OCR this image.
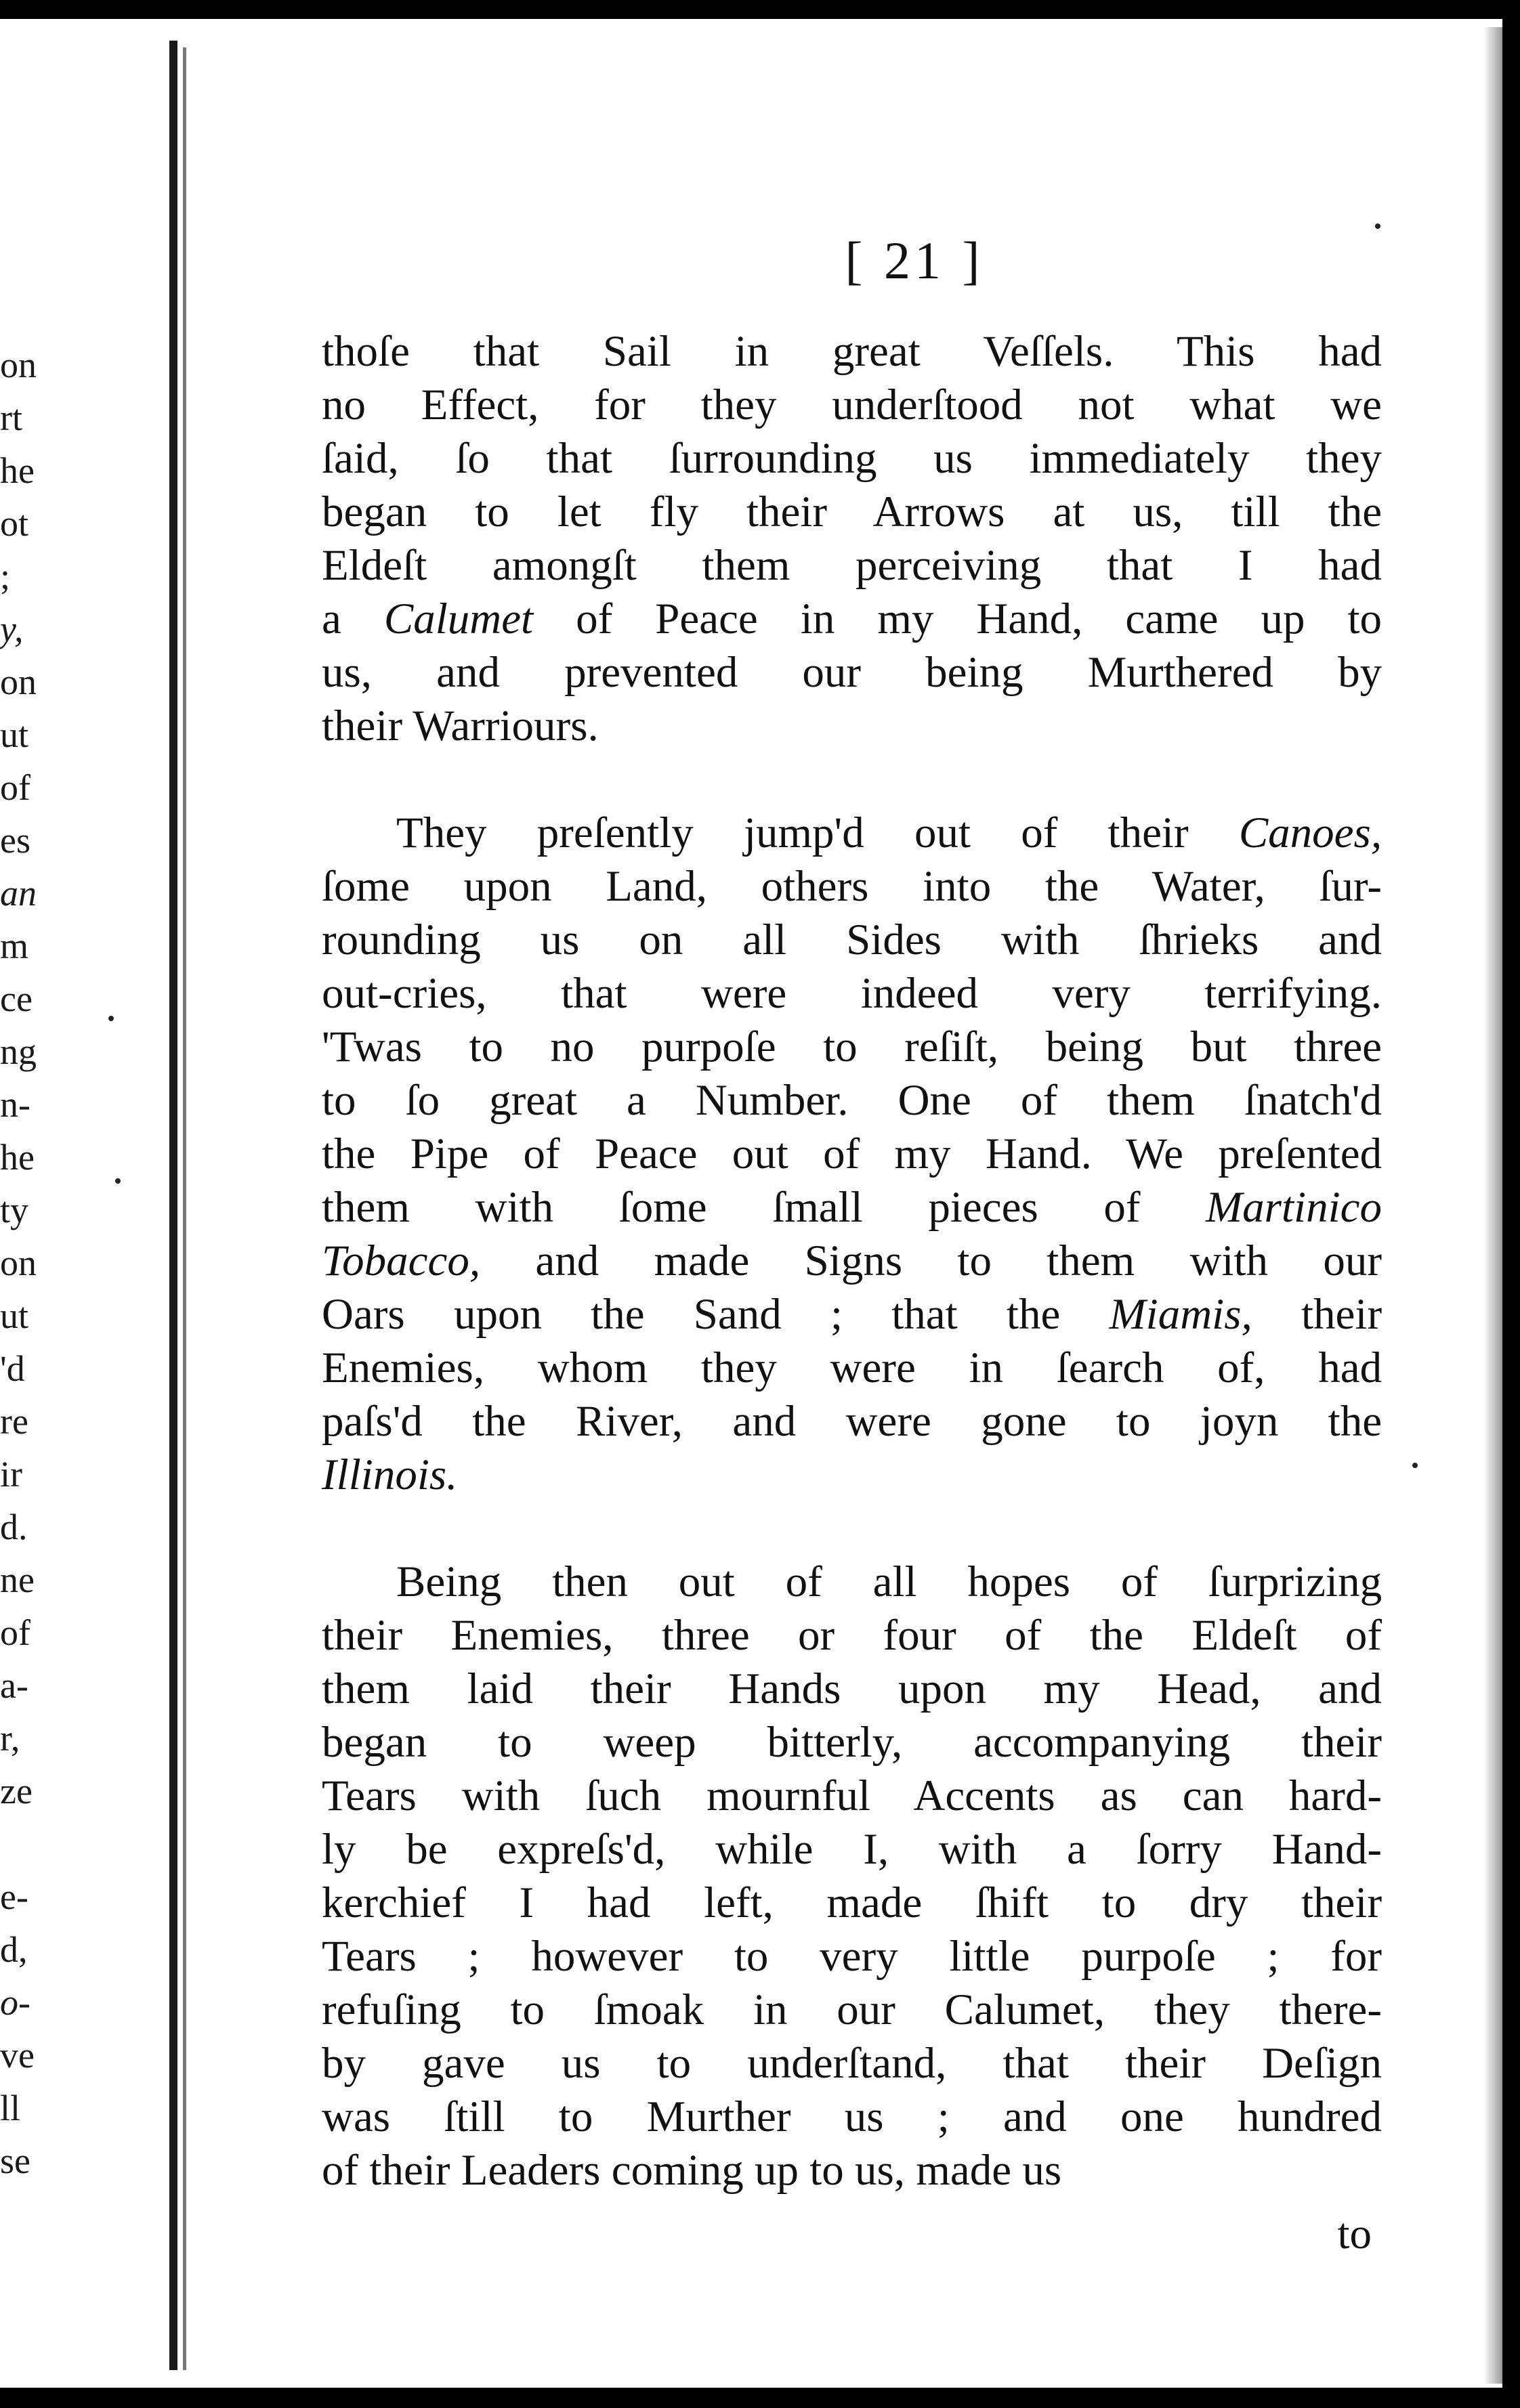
on
rt
he
ot
;
y,
on
ut
of
es
an
m
ce
ng
n-
he
ty
on
ut
'd
re
ir
d.
ne
of
a-
r,
ze
e-
d,
o-
ve
ll
se
[ 21 ]
thoſe that Sail in great Veſſels. This had
no Effect, for they underſtood not what we
ſaid, ſo that ſurrounding us immediately they
began to let fly their Arrows at us, till the
Eldeſt amongſt them perceiving that I had
a Calumet of Peace in my Hand, came up to
us, and prevented our being Murthered by
their Warriours.
They preſently jump'd out of their Canoes,
ſome upon Land, others into the Water, ſur-
rounding us on all Sides with ſhrieks and
out-cries, that were indeed very terrifying.
'Twas to no purpoſe to reſiſt, being but three
to ſo great a Number. One of them ſnatch'd
the Pipe of Peace out of my Hand. We preſented
them with ſome ſmall pieces of Martinico
Tobacco, and made Signs to them with our
Oars upon the Sand ; that the Miamis, their
Enemies, whom they were in ſearch of, had
paſs'd the River, and were gone to joyn the
Illinois.
Being then out of all hopes of ſurprizing
their Enemies, three or four of the Eldeſt of
them laid their Hands upon my Head, and
began to weep bitterly, accompanying their
Tears with ſuch mournful Accents as can hard-
ly be expreſs'd, while I, with a ſorry Hand-
kerchief I had left, made ſhift to dry their
Tears ; however to very little purpoſe ; for
refuſing to ſmoak in our Calumet, they there-
by gave us to underſtand, that their Deſign
was ſtill to Murther us ; and one hundred
of their Leaders coming up to us, made us
to
